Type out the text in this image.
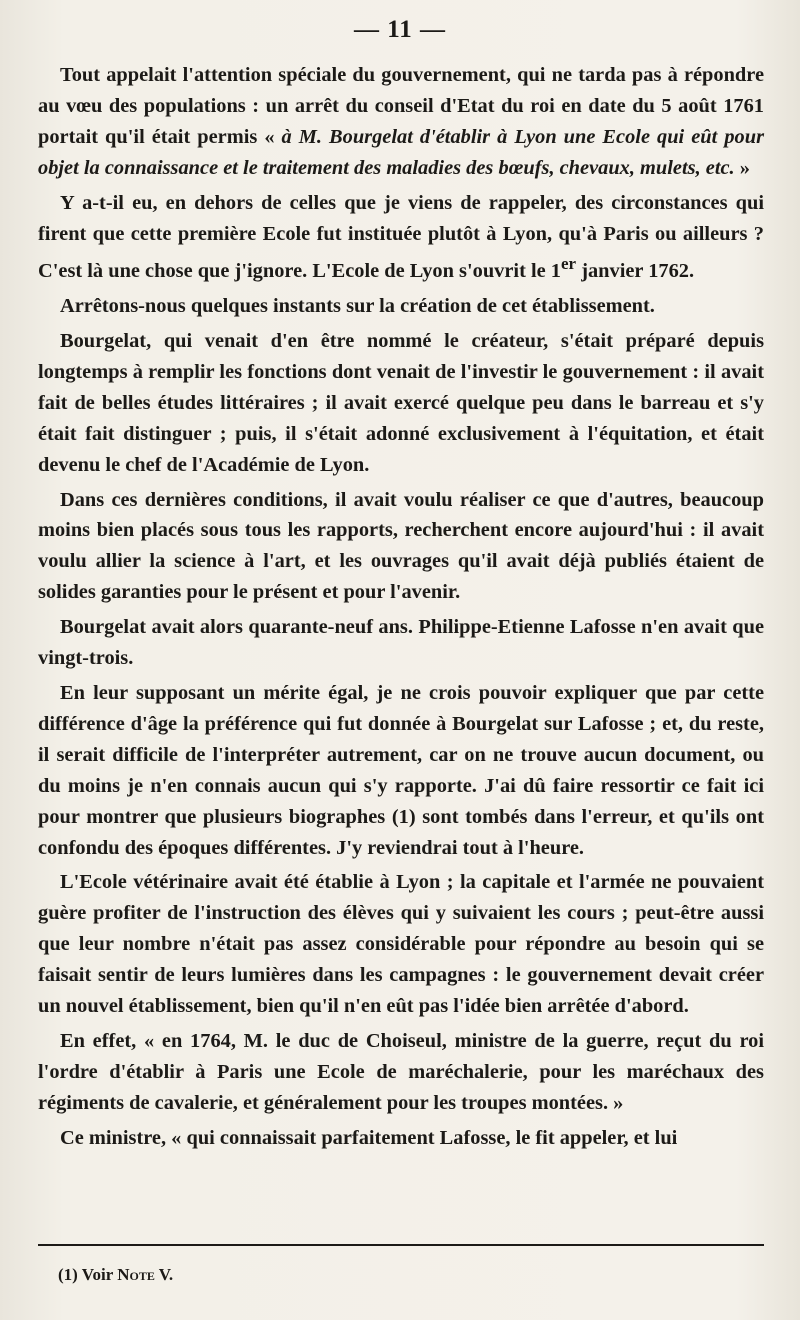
— 11 —

Tout appelait l'attention spéciale du gouvernement, qui ne tarda pas à répondre au vœu des populations : un arrêt du conseil d'Etat du roi en date du 5 août 1761 portait qu'il était permis « à M. Bourgelat d'établir à Lyon une Ecole qui eût pour objet la connaissance et le traitement des maladies des bœufs, chevaux, mulets, etc. »

Y a-t-il eu, en dehors de celles que je viens de rappeler, des circonstances qui firent que cette première Ecole fut instituée plutôt à Lyon, qu'à Paris ou ailleurs ? C'est là une chose que j'ignore. L'Ecole de Lyon s'ouvrit le 1er janvier 1762.

Arrêtons-nous quelques instants sur la création de cet établissement.

Bourgelat, qui venait d'en être nommé le créateur, s'était préparé depuis longtemps à remplir les fonctions dont venait de l'investir le gouvernement : il avait fait de belles études littéraires ; il avait exercé quelque peu dans le barreau et s'y était fait distinguer ; puis, il s'était adonné exclusivement à l'équitation, et était devenu le chef de l'Académie de Lyon.

Dans ces dernières conditions, il avait voulu réaliser ce que d'autres, beaucoup moins bien placés sous tous les rapports, recherchent encore aujourd'hui : il avait voulu allier la science à l'art, et les ouvrages qu'il avait déjà publiés étaient de solides garanties pour le présent et pour l'avenir.

Bourgelat avait alors quarante-neuf ans. Philippe-Etienne Lafosse n'en avait que vingt-trois.

En leur supposant un mérite égal, je ne crois pouvoir expliquer que par cette différence d'âge la préférence qui fut donnée à Bourgelat sur Lafosse ; et, du reste, il serait difficile de l'interpréter autrement, car on ne trouve aucun document, ou du moins je n'en connais aucun qui s'y rapporte. J'ai dû faire ressortir ce fait ici pour montrer que plusieurs biographes (1) sont tombés dans l'erreur, et qu'ils ont confondu des époques différentes. J'y reviendrai tout à l'heure.

L'Ecole vétérinaire avait été établie à Lyon ; la capitale et l'armée ne pouvaient guère profiter de l'instruction des élèves qui y suivaient les cours ; peut-être aussi que leur nombre n'était pas assez considérable pour répondre au besoin qui se faisait sentir de leurs lumières dans les campagnes : le gouvernement devait créer un nouvel établissement, bien qu'il n'en eût pas l'idée bien arrêtée d'abord.

En effet, « en 1764, M. le duc de Choiseul, ministre de la guerre, reçut du roi l'ordre d'établir à Paris une Ecole de maréchalerie, pour les maréchaux des régiments de cavalerie, et généralement pour les troupes montées. »

Ce ministre, « qui connaissait parfaitement Lafosse, le fit appeler, et lui

(1) Voir Note V.
